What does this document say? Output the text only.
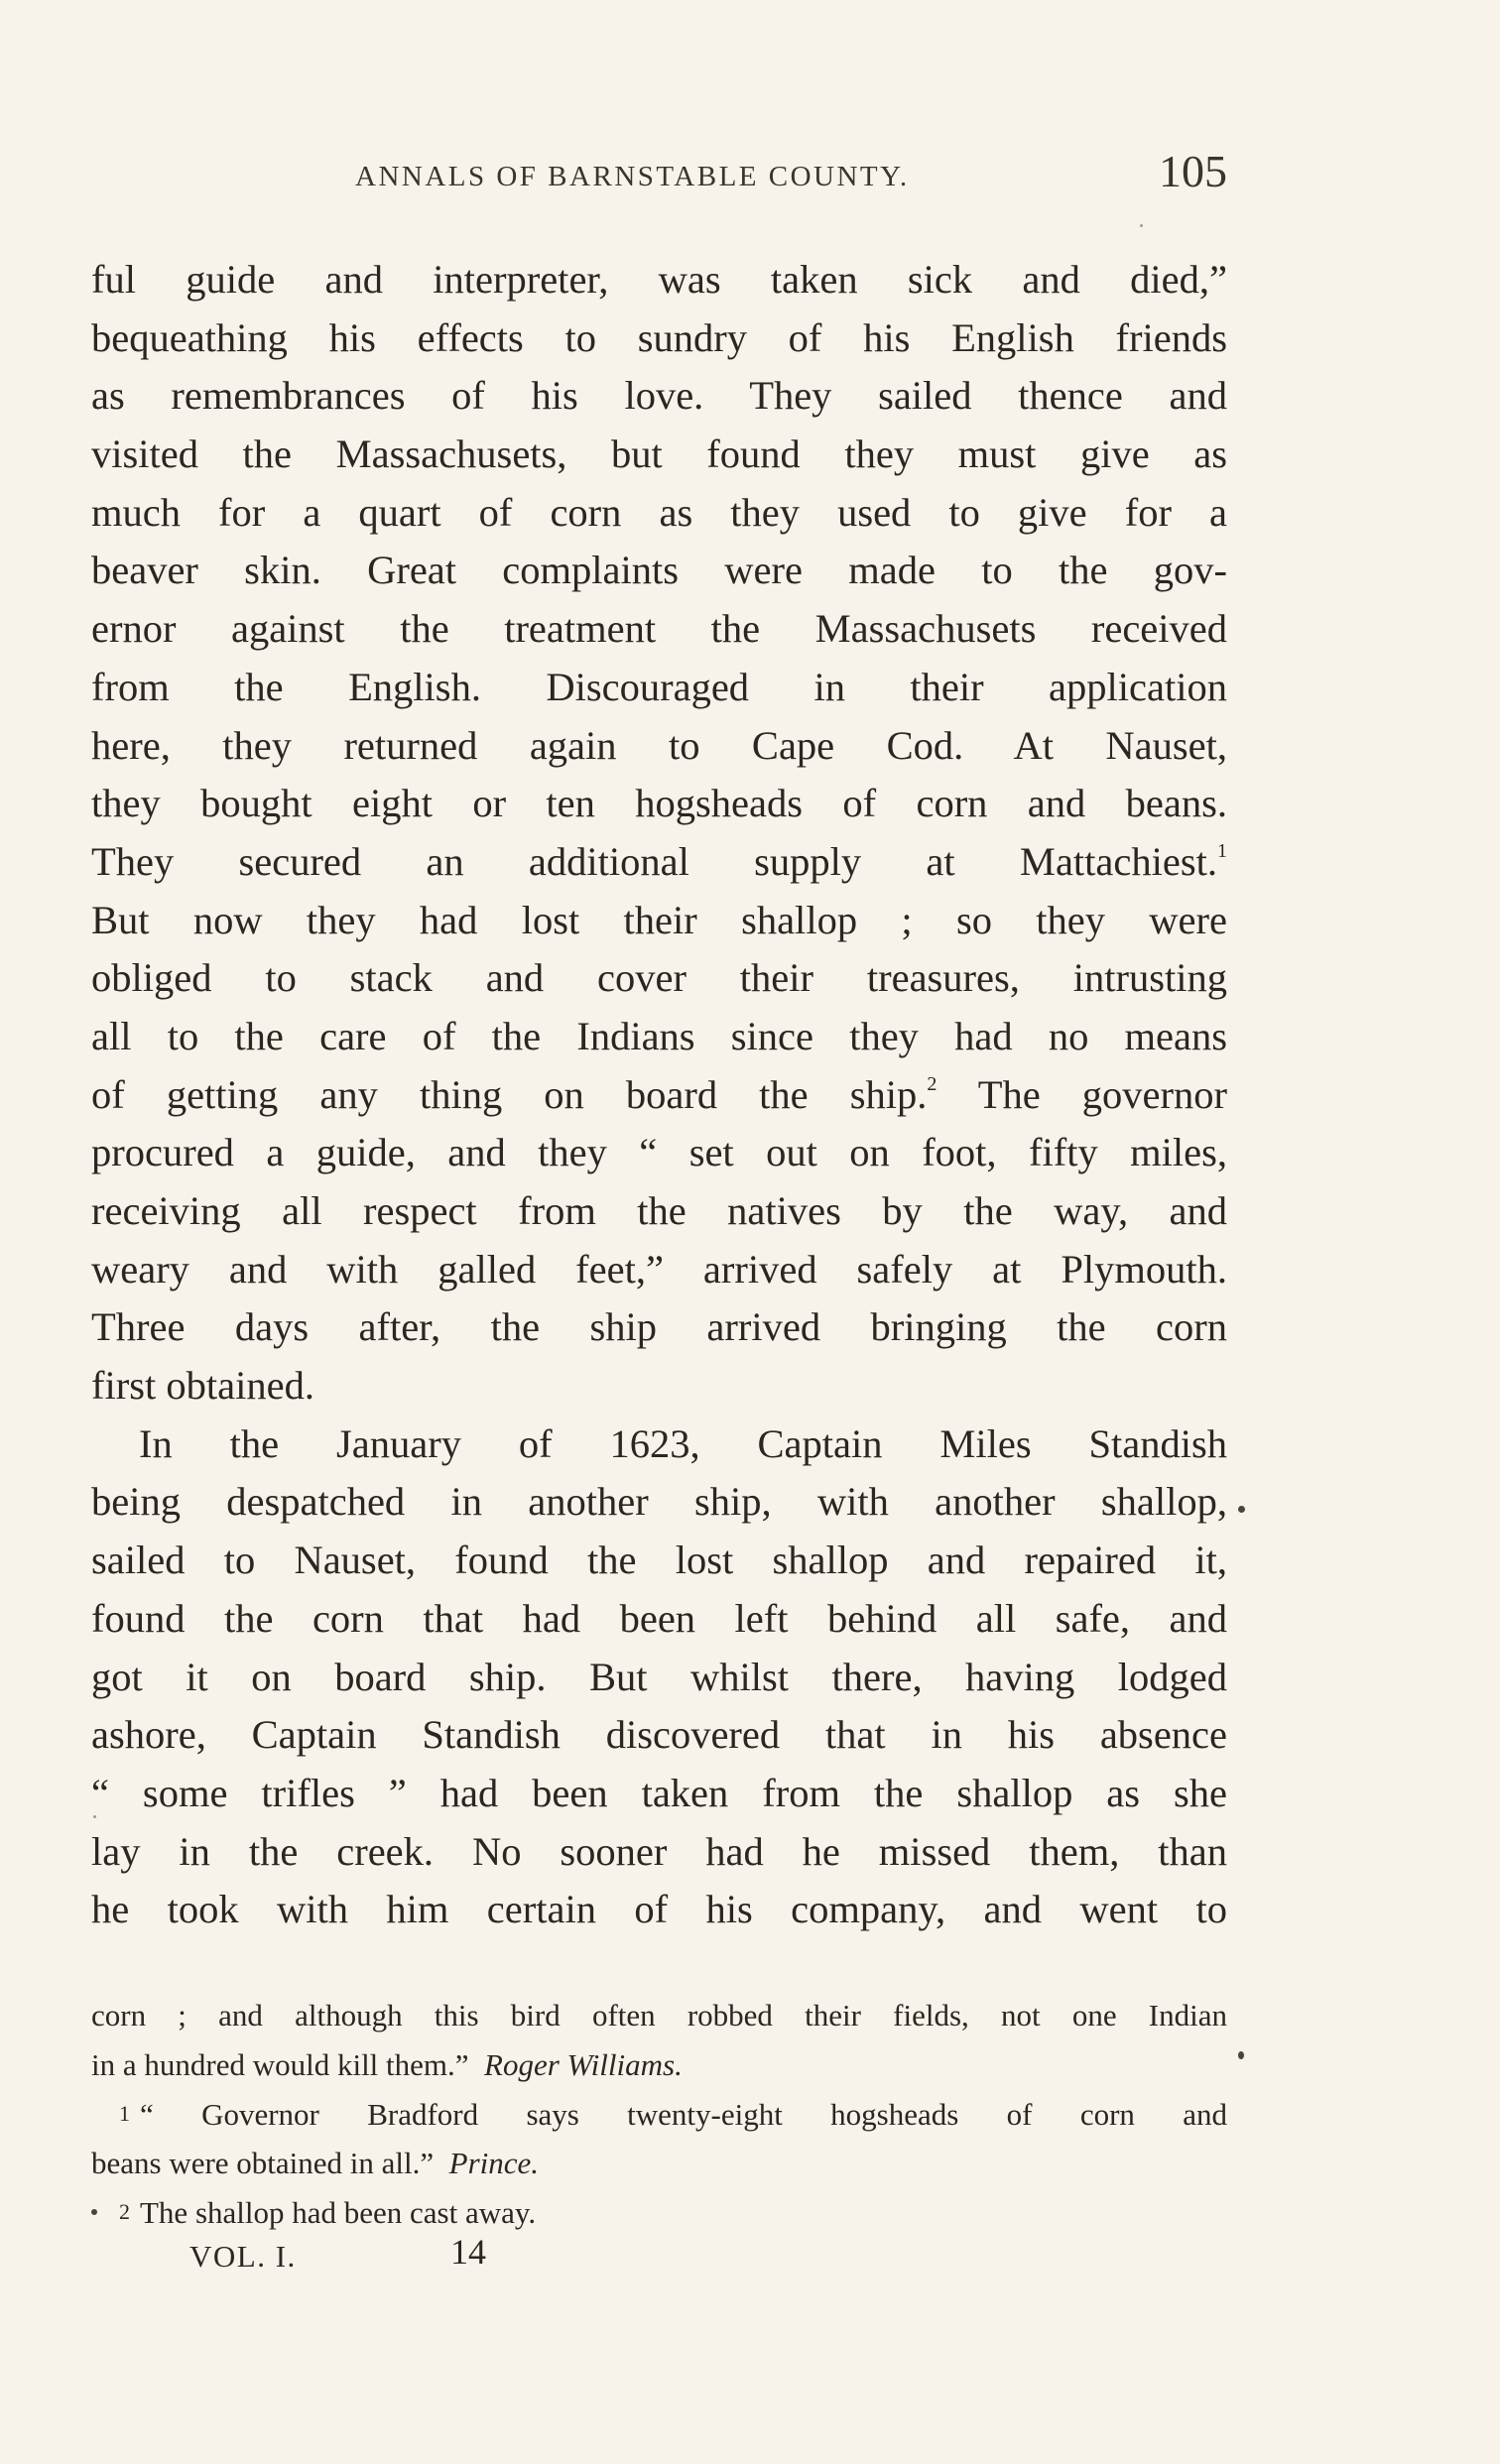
ANNALS OF BARNSTABLE COUNTY.	105
ful guide and interpreter, was taken sick and died,”
bequeathing his effects to sundry of his English friends
as remembrances of his love. They sailed thence and
visited the Massachusets, but found they must give as
much for a quart of corn as they used to give for a
beaver skin. Great complaints were made to the gov-
ernor against the treatment the Massachusets received
from the English. Discouraged in their application
here, they returned again to Cape Cod. At Nauset,
they bought eight or ten hogsheads of corn and beans.
They secured an additional supply at Mattachiest.$^1$
But now they had lost their shallop ; so they were
obliged to stack and cover their treasures, intrusting
all to the care of the Indians since they had no means
of getting any thing on board the ship.$^2$ The governor
procured a guide, and they “ set out on foot, fifty miles,
receiving all respect from the natives by the way, and
weary and with galled feet,” arrived safely at Plymouth.
Three days after, the ship arrived bringing the corn
first obtained.
In the January of 1623, Captain Miles Standish
being despatched in another ship, with another shallop,
sailed to Nauset, found the lost shallop and repaired it,
found the corn that had been left behind all safe, and
got it on board ship. But whilst there, having lodged
ashore, Captain Standish discovered that in his absence
“ some trifles ” had been taken from the shallop as she
lay in the creek. No sooner had he missed them, than
he took with him certain of his company, and went to
corn ; and although this bird often robbed their fields, not one Indian
in a hundred would kill them.” Roger Williams.
1 “ Governor Bradford says twenty-eight hogsheads of corn and
beans were obtained in all.” Prince.
2 The shallop had been cast away.
VOL. I.	14
